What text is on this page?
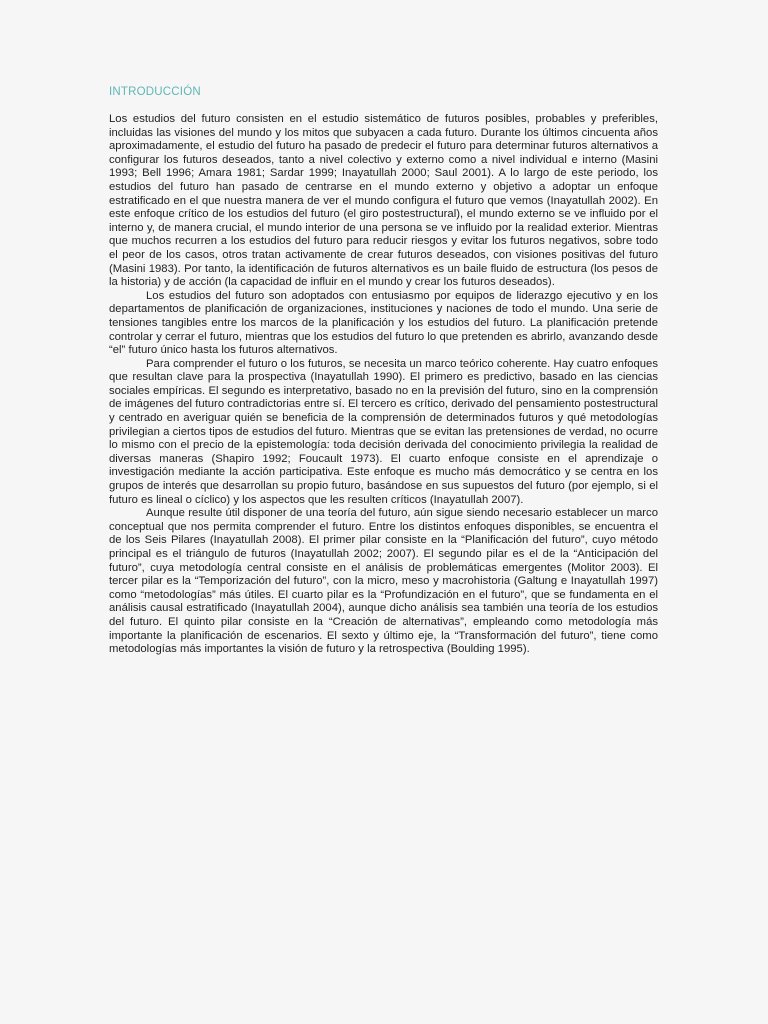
INTRODUCCIÓN

Los estudios del futuro consisten en el estudio sistemático de futuros posibles, probables y preferibles, incluidas las visiones del mundo y los mitos que subyacen a cada futuro. Durante los últimos cincuenta años aproximadamente, el estudio del futuro ha pasado de predecir el futuro para determinar futuros alternativos a configurar los futuros deseados, tanto a nivel colectivo y externo como a nivel individual e interno (Masini 1993; Bell 1996; Amara 1981; Sardar 1999; Inayatullah 2000; Saul 2001). A lo largo de este periodo, los estudios del futuro han pasado de centrarse en el mundo externo y objetivo a adoptar un enfoque estratificado en el que nuestra manera de ver el mundo configura el futuro que vemos (Inayatullah 2002). En este enfoque crítico de los estudios del futuro (el giro postestructural), el mundo externo se ve influido por el interno y, de manera crucial, el mundo interior de una persona se ve influido por la realidad exterior. Mientras que muchos recurren a los estudios del futuro para reducir riesgos y evitar los futuros negativos, sobre todo el peor de los casos, otros tratan activamente de crear futuros deseados, con visiones positivas del futuro (Masini 1983). Por tanto, la identificación de futuros alternativos es un baile fluido de estructura (los pesos de la historia) y de acción (la capacidad de influir en el mundo y crear los futuros deseados).

Los estudios del futuro son adoptados con entusiasmo por equipos de liderazgo ejecutivo y en los departamentos de planificación de organizaciones, instituciones y naciones de todo el mundo. Una serie de tensiones tangibles entre los marcos de la planificación y los estudios del futuro. La planificación pretende controlar y cerrar el futuro, mientras que los estudios del futuro lo que pretenden es abrirlo, avanzando desde “el” futuro único hasta los futuros alternativos.

Para comprender el futuro o los futuros, se necesita un marco teórico coherente. Hay cuatro enfoques que resultan clave para la prospectiva (Inayatullah 1990). El primero es predictivo, basado en las ciencias sociales empíricas. El segundo es interpretativo, basado no en la previsión del futuro, sino en la comprensión de imágenes del futuro contradictorias entre sí. El tercero es crítico, derivado del pensamiento postestructural y centrado en averiguar quién se beneficia de la comprensión de determinados futuros y qué metodologías privilegian a ciertos tipos de estudios del futuro. Mientras que se evitan las pretensiones de verdad, no ocurre lo mismo con el precio de la epistemología: toda decisión derivada del conocimiento privilegia la realidad de diversas maneras (Shapiro 1992; Foucault 1973). El cuarto enfoque consiste en el aprendizaje o investigación mediante la acción participativa. Este enfoque es mucho más democrático y se centra en los grupos de interés que desarrollan su propio futuro, basándose en sus supuestos del futuro (por ejemplo, si el futuro es lineal o cíclico) y los aspectos que les resulten críticos (Inayatullah 2007).

Aunque resulte útil disponer de una teoría del futuro, aún sigue siendo necesario establecer un marco conceptual que nos permita comprender el futuro. Entre los distintos enfoques disponibles, se encuentra el de los Seis Pilares (Inayatullah 2008). El primer pilar consiste en la “Planificación del futuro”, cuyo método principal es el triángulo de futuros (Inayatullah 2002; 2007). El segundo pilar es el de la “Anticipación del futuro”, cuya metodología central consiste en el análisis de problemáticas emergentes (Molitor 2003). El tercer pilar es la “Temporización del futuro”, con la micro, meso y macrohistoria (Galtung e Inayatullah 1997) como “metodologías” más útiles. El cuarto pilar es la “Profundización en el futuro”, que se fundamenta en el análisis causal estratificado (Inayatullah 2004), aunque dicho análisis sea también una teoría de los estudios del futuro. El quinto pilar consiste en la “Creación de alternativas”, empleando como metodología más importante la planificación de escenarios. El sexto y último eje, la “Transformación del futuro”, tiene como metodologías más importantes la visión de futuro y la retrospectiva (Boulding 1995).
